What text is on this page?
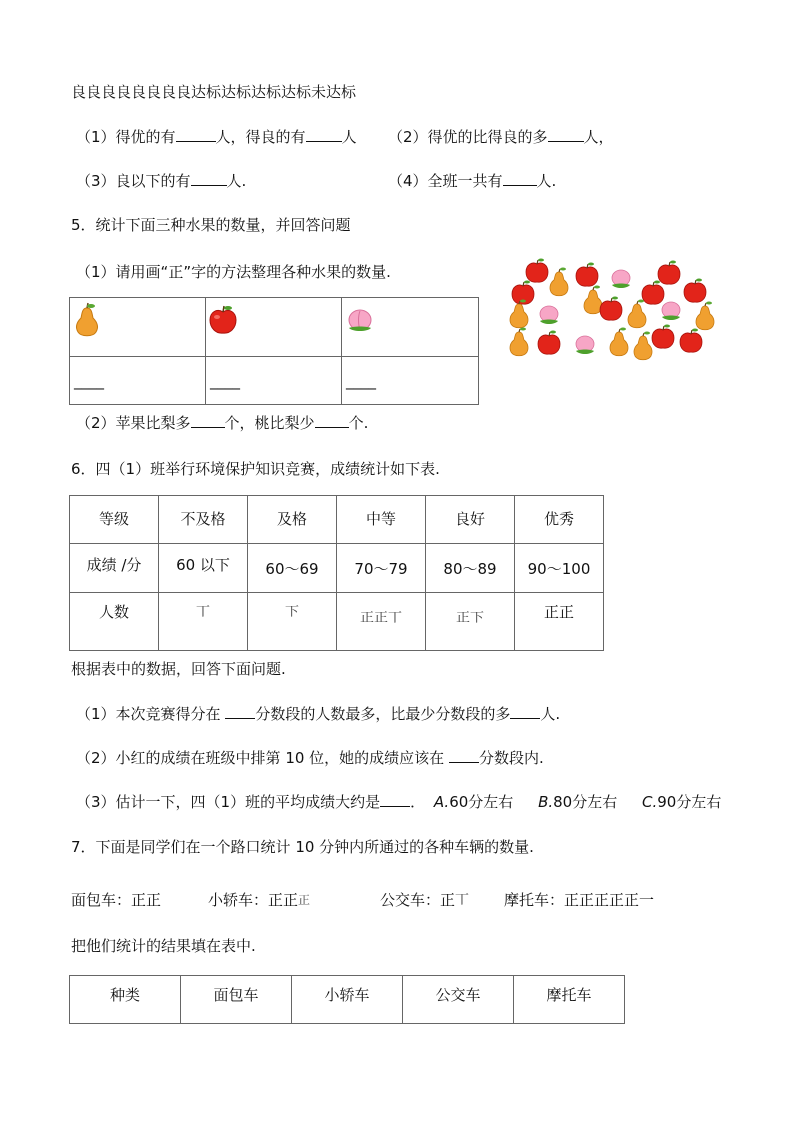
良良良良良良良良达标达标达标达标未达标
（1）得优的有	人，得良的有 人 （2）得优的比得良的多 人，
（3）良以下的有 人.	（4）全班一共有 人.
5．统计下面三种水果的数量，并回答问题
（1）请用画“正”字的方法整理各种水果的数量.

____	____	____
（2）苹果比梨多 个，桃比梨少 个.
6．四（1）班举行环境保护知识竞赛，成绩统计如下表.
等级	不及格	及格	中等	良好	优秀
成绩 /分	60 以下	60～69	70～79	80～89	90～100
人数	丅	下	正正丅	正下	正正
根据表中的数据，回答下面问题.
（1）本次竞赛得分在 分数段的人数最多，比最少分数段的多 人.
（2）小红的成绩在班级中排第 10 位，她的成绩应该在 分数段内.
（3）估计一下，四（1）班的平均成绩大约是 ． A.60分左右 B.80分左右 C.90分左右
7．下面是同学们在一个路口统计 10 分钟内所通过的各种车辆的数量.
面包车：正正	小轿车：正正正	公交车：正丅 摩托车：正正正正正一
把他们统计的结果填在表中.
种类	面包车	小轿车	公交车	摩托车
